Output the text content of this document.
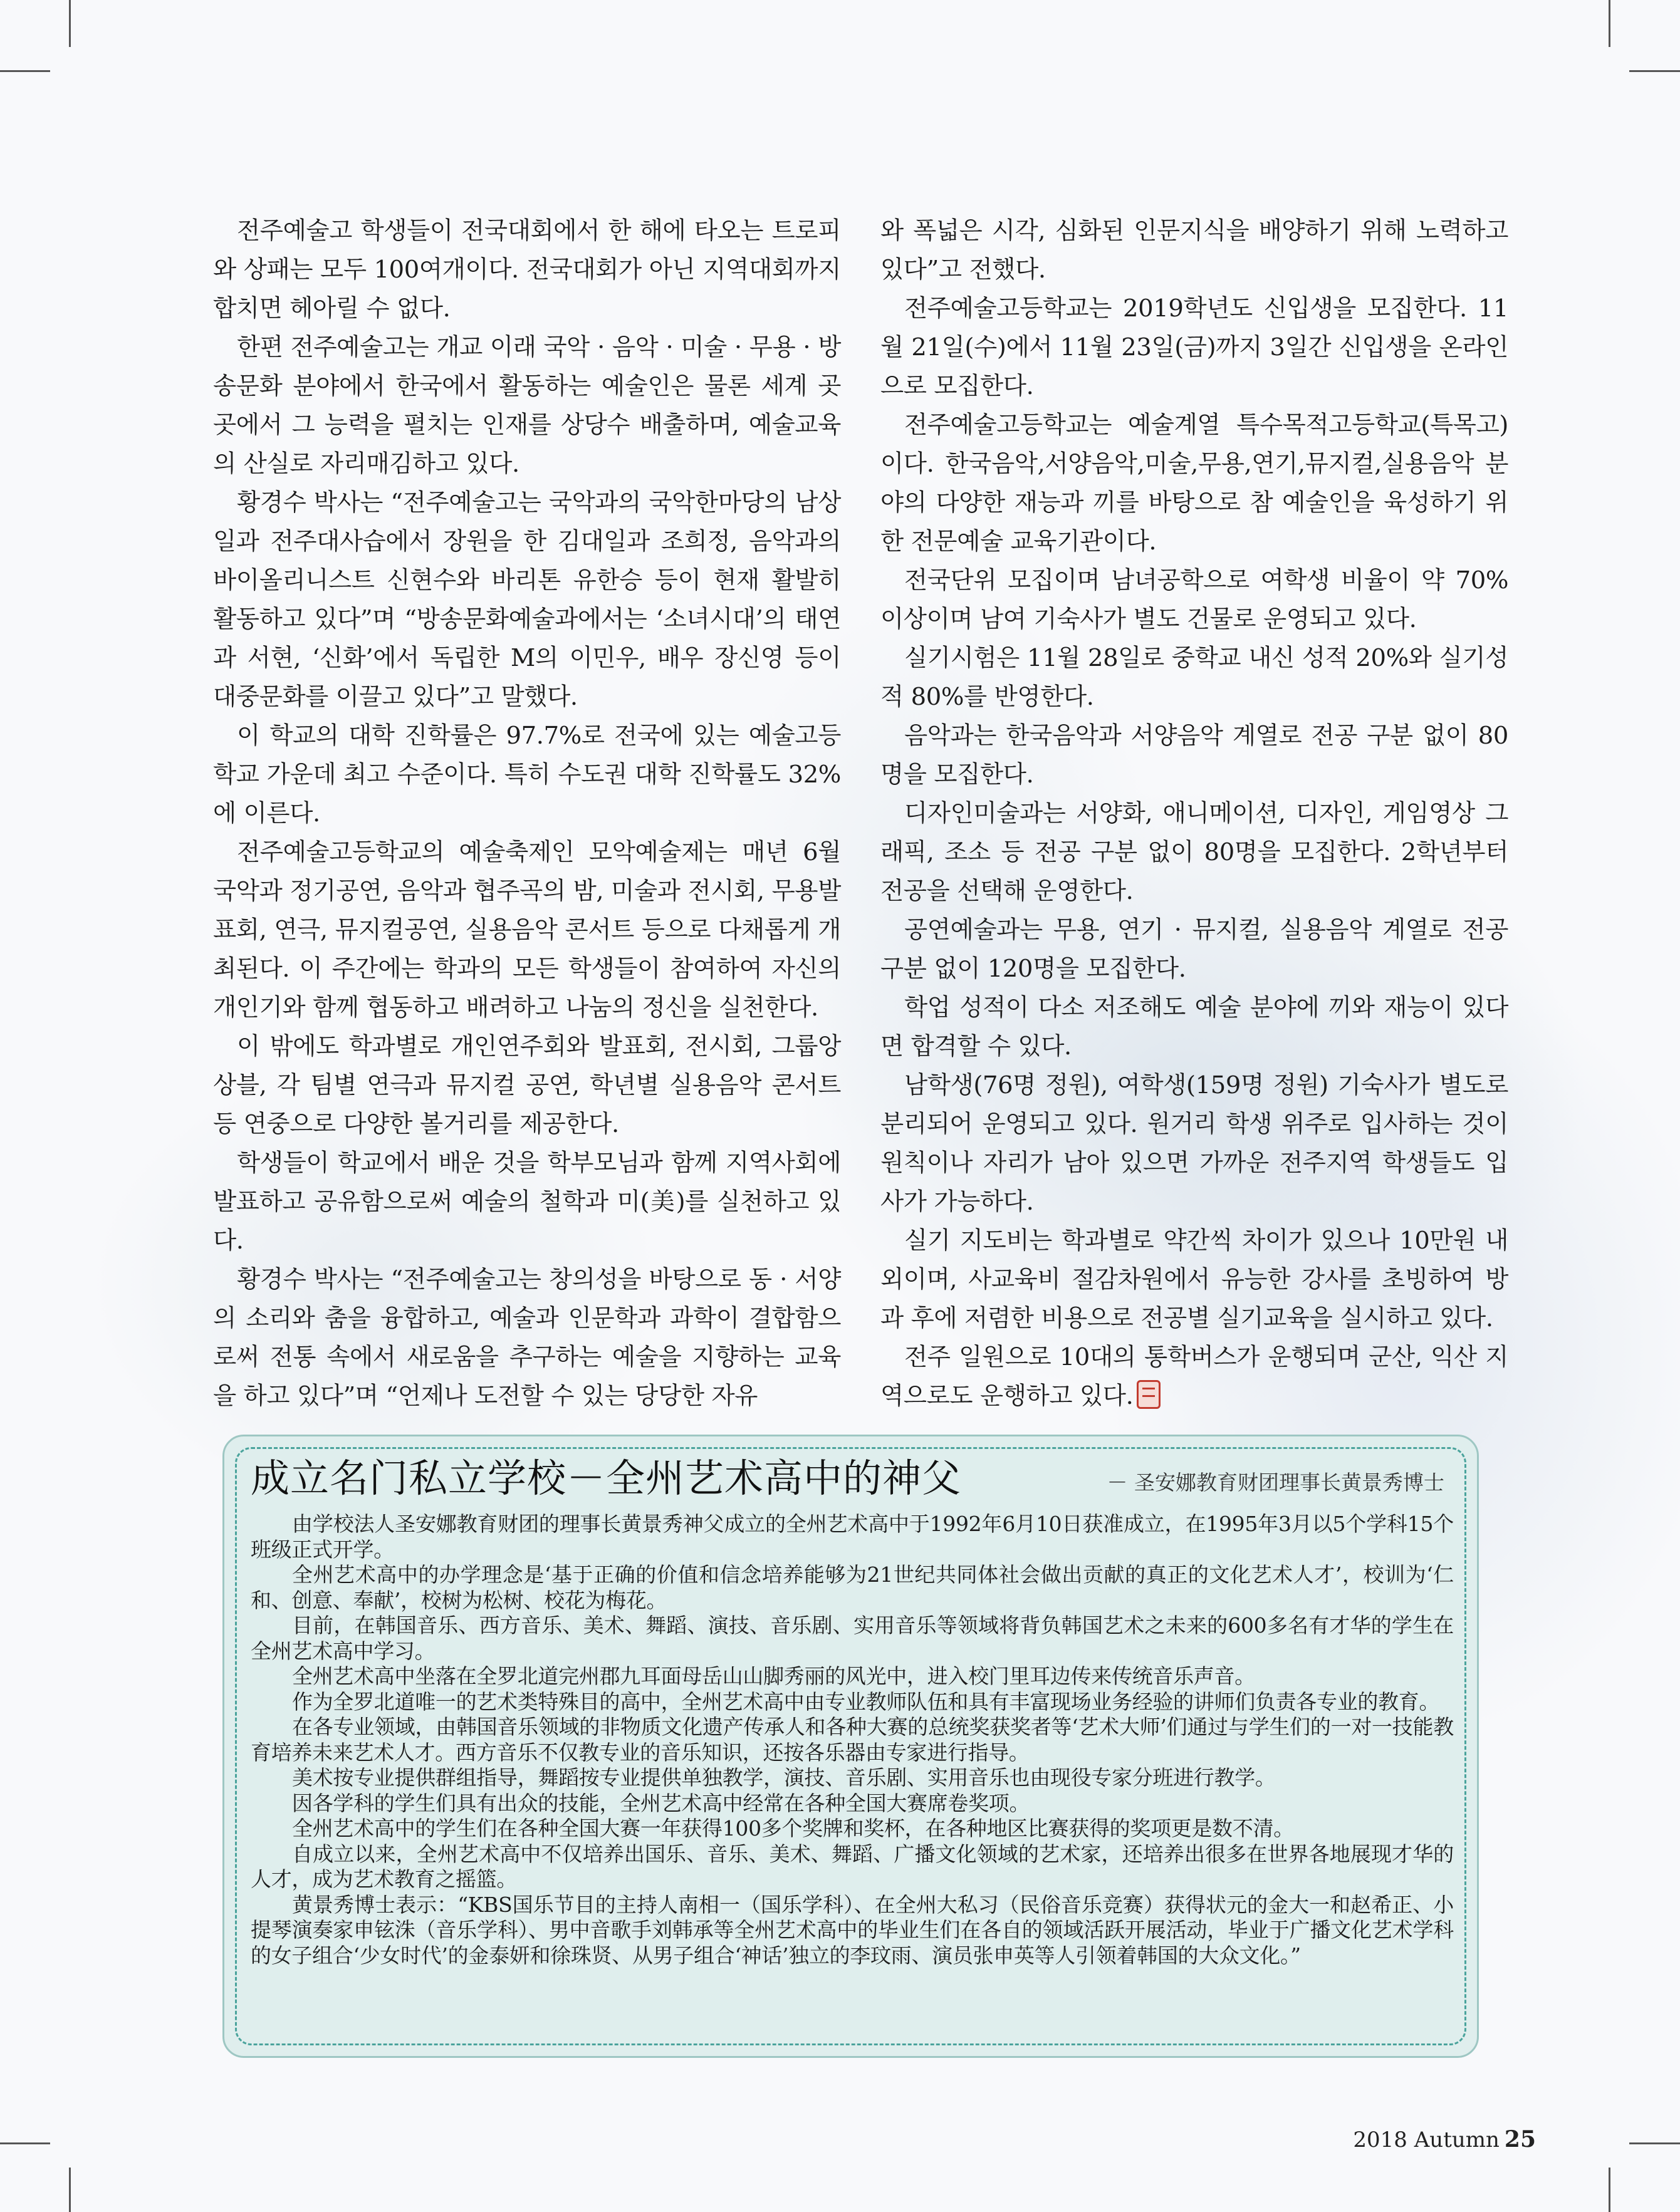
전주예술고 학생들이 전국대회에서 한 해에 타오는 트로피와 상패는 모두 100여개이다. 전국대회가 아닌 지역대회까지 합치면 헤아릴 수 없다.

한편 전주예술고는 개교 이래 국악 · 음악 · 미술 · 무용 · 방송문화 분야에서 한국에서 활동하는 예술인은 물론 세계 곳곳에서 그 능력을 펼치는 인재를 상당수 배출하며, 예술교육의 산실로 자리매김하고 있다.

황경수 박사는 “전주예술고는 국악과의 국악한마당의 남상일과 전주대사습에서 장원을 한 김대일과 조희정, 음악과의 바이올리니스트 신현수와 바리톤 유한승 등이 현재 활발히 활동하고 있다”며 “방송문화예술과에서는 ‘소녀시대’의 태연과 서현, ‘신화’에서 독립한 M의 이민우, 배우 장신영 등이 대중문화를 이끌고 있다”고 말했다.

이 학교의 대학 진학률은 97.7%로 전국에 있는 예술고등학교 가운데 최고 수준이다. 특히 수도권 대학 진학률도 32%에 이른다.

전주예술고등학교의 예술축제인 모악예술제는 매년 6월 국악과 정기공연, 음악과 협주곡의 밤, 미술과 전시회, 무용발표회, 연극, 뮤지컬공연, 실용음악 콘서트 등으로 다채롭게 개최된다. 이 주간에는 학과의 모든 학생들이 참여하여 자신의 개인기와 함께 협동하고 배려하고 나눔의 정신을 실천한다.

이 밖에도 학과별로 개인연주회와 발표회, 전시회, 그룹앙상블, 각 팀별 연극과 뮤지컬 공연, 학년별 실용음악 콘서트 등 연중으로 다양한 볼거리를 제공한다.

학생들이 학교에서 배운 것을 학부모님과 함께 지역사회에 발표하고 공유함으로써 예술의 철학과 미(美)를 실천하고 있다.

황경수 박사는 “전주예술고는 창의성을 바탕으로 동 · 서양의 소리와 춤을 융합하고, 예술과 인문학과 과학이 결합함으로써 전통 속에서 새로움을 추구하는 예술을 지향하는 교육을 하고 있다”며 “언제나 도전할 수 있는 당당한 자유

와 폭넓은 시각, 심화된 인문지식을 배양하기 위해 노력하고 있다”고 전했다.

전주예술고등학교는 2019학년도 신입생을 모집한다. 11월 21일(수)에서 11월 23일(금)까지 3일간 신입생을 온라인으로 모집한다.

전주예술고등학교는 예술계열 특수목적고등학교(특목고)이다. 한국음악,서양음악,미술,무용,연기,뮤지컬,실용음악 분야의 다양한 재능과 끼를 바탕으로 참 예술인을 육성하기 위한 전문예술 교육기관이다.

전국단위 모집이며 남녀공학으로 여학생 비율이 약 70% 이상이며 남여 기숙사가 별도 건물로 운영되고 있다.

실기시험은 11월 28일로 중학교 내신 성적 20%와 실기성적 80%를 반영한다.

음악과는 한국음악과 서양음악 계열로 전공 구분 없이 80명을 모집한다.

디자인미술과는 서양화, 애니메이션, 디자인, 게임영상 그래픽, 조소 등 전공 구분 없이 80명을 모집한다. 2학년부터 전공을 선택해 운영한다.

공연예술과는 무용, 연기 · 뮤지컬, 실용음악 계열로 전공 구분 없이 120명을 모집한다.

학업 성적이 다소 저조해도 예술 분야에 끼와 재능이 있다면 합격할 수 있다.

남학생(76명 정원), 여학생(159명 정원) 기숙사가 별도로 분리되어 운영되고 있다. 원거리 학생 위주로 입사하는 것이 원칙이나 자리가 남아 있으면 가까운 전주지역 학생들도 입사가 가능하다.

실기 지도비는 학과별로 약간씩 차이가 있으나 10만원 내외이며, 사교육비 절감차원에서 유능한 강사를 초빙하여 방과 후에 저렴한 비용으로 전공별 실기교육을 실시하고 있다.

전주 일원으로 10대의 통학버스가 운행되며 군산, 익산 지역으로도 운행하고 있다.

成立名门私立学校－全州艺术高中的神父	－ 圣安娜教育财团理事长黄景秀博士

由学校法人圣安娜教育财团的理事长黄景秀神父成立的全州艺术高中于1992年6月10日获准成立，在1995年3月以5个学科15个班级正式开学。

全州艺术高中的办学理念是‘基于正确的价值和信念培养能够为21世纪共同体社会做出贡献的真正的文化艺术人才’，校训为‘仁和、创意、奉献’，校树为松树、校花为梅花。

目前，在韩国音乐、西方音乐、美术、舞蹈、演技、音乐剧、实用音乐等领域将背负韩国艺术之未来的600多名有才华的学生在全州艺术高中学习。

全州艺术高中坐落在全罗北道完州郡九耳面母岳山山脚秀丽的风光中，进入校门里耳边传来传统音乐声音。

作为全罗北道唯一的艺术类特殊目的高中，全州艺术高中由专业教师队伍和具有丰富现场业务经验的讲师们负责各专业的教育。

在各专业领域，由韩国音乐领域的非物质文化遗产传承人和各种大赛的总统奖获奖者等‘艺术大师’们通过与学生们的一对一技能教育培养未来艺术人才。西方音乐不仅教专业的音乐知识，还按各乐器由专家进行指导。

美术按专业提供群组指导，舞蹈按专业提供单独教学，演技、音乐剧、实用音乐也由现役专家分班进行教学。

因各学科的学生们具有出众的技能，全州艺术高中经常在各种全国大赛席卷奖项。

全州艺术高中的学生们在各种全国大赛一年获得100多个奖牌和奖杯，在各种地区比赛获得的奖项更是数不清。

自成立以来，全州艺术高中不仅培养出国乐、音乐、美术、舞蹈、广播文化领域的艺术家，还培养出很多在世界各地展现才华的人才，成为艺术教育之摇篮。

黄景秀博士表示：“KBS国乐节目的主持人南相一（国乐学科）、在全州大私习（民俗音乐竞赛）获得状元的金大一和赵希正、小提琴演奏家申铉洙（音乐学科）、男中音歌手刘韩承等全州艺术高中的毕业生们在各自的领域活跃开展活动，毕业于广播文化艺术学科的女子组合‘少女时代’的金泰妍和徐珠贤、从男子组合‘神话’独立的李玟雨、演员张申英等人引领着韩国的大众文化。”

2018 Autumn 25
